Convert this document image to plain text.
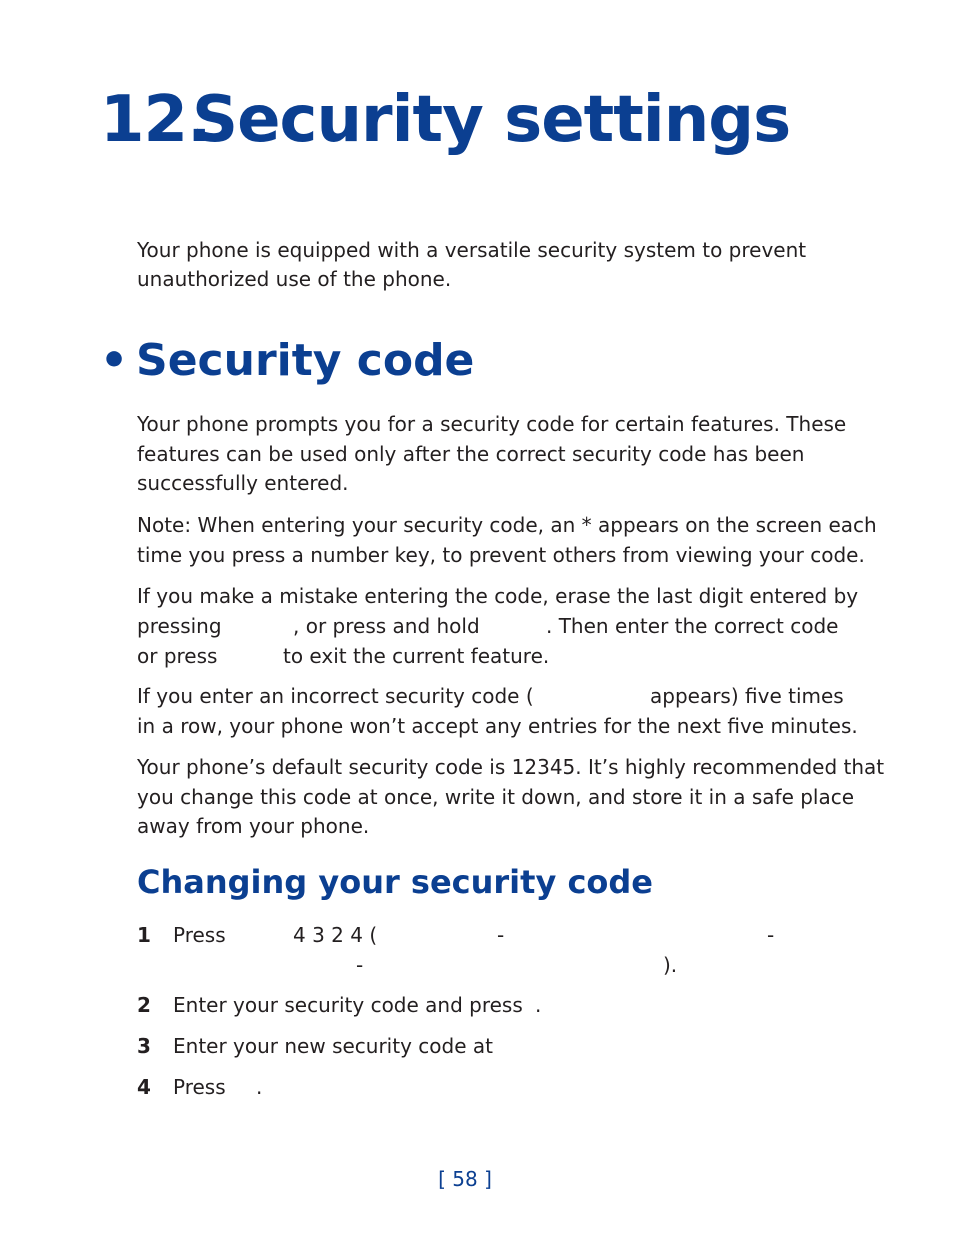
12.Security settings
Your phone is equipped with a versatile security system to prevent
unauthorized use of the phone.
• Security code
Your phone prompts you for a security code for certain features. These
features can be used only after the correct security code has been
successfully entered.
Note: When entering your security code, an * appears on the screen each
time you press a number key, to prevent others from viewing your code.
If you make a mistake entering the code, erase the last digit entered by
pressing	, or press and hold	. Then enter the correct code
or press	to exit the current feature.
If you enter an incorrect security code (	appears) five times
in a row, your phone won’t accept any entries for the next five minutes.
Your phone’s default security code is 12345. It’s highly recommended that
you change this code at once, write it down, and store it in a safe place
away from your phone.
Changing your security code
1 Press	4 3 2 4 (	-	-
-	).
2 Enter your security code and press .
3 Enter your new security code at
4 Press .
[ 58 ]
